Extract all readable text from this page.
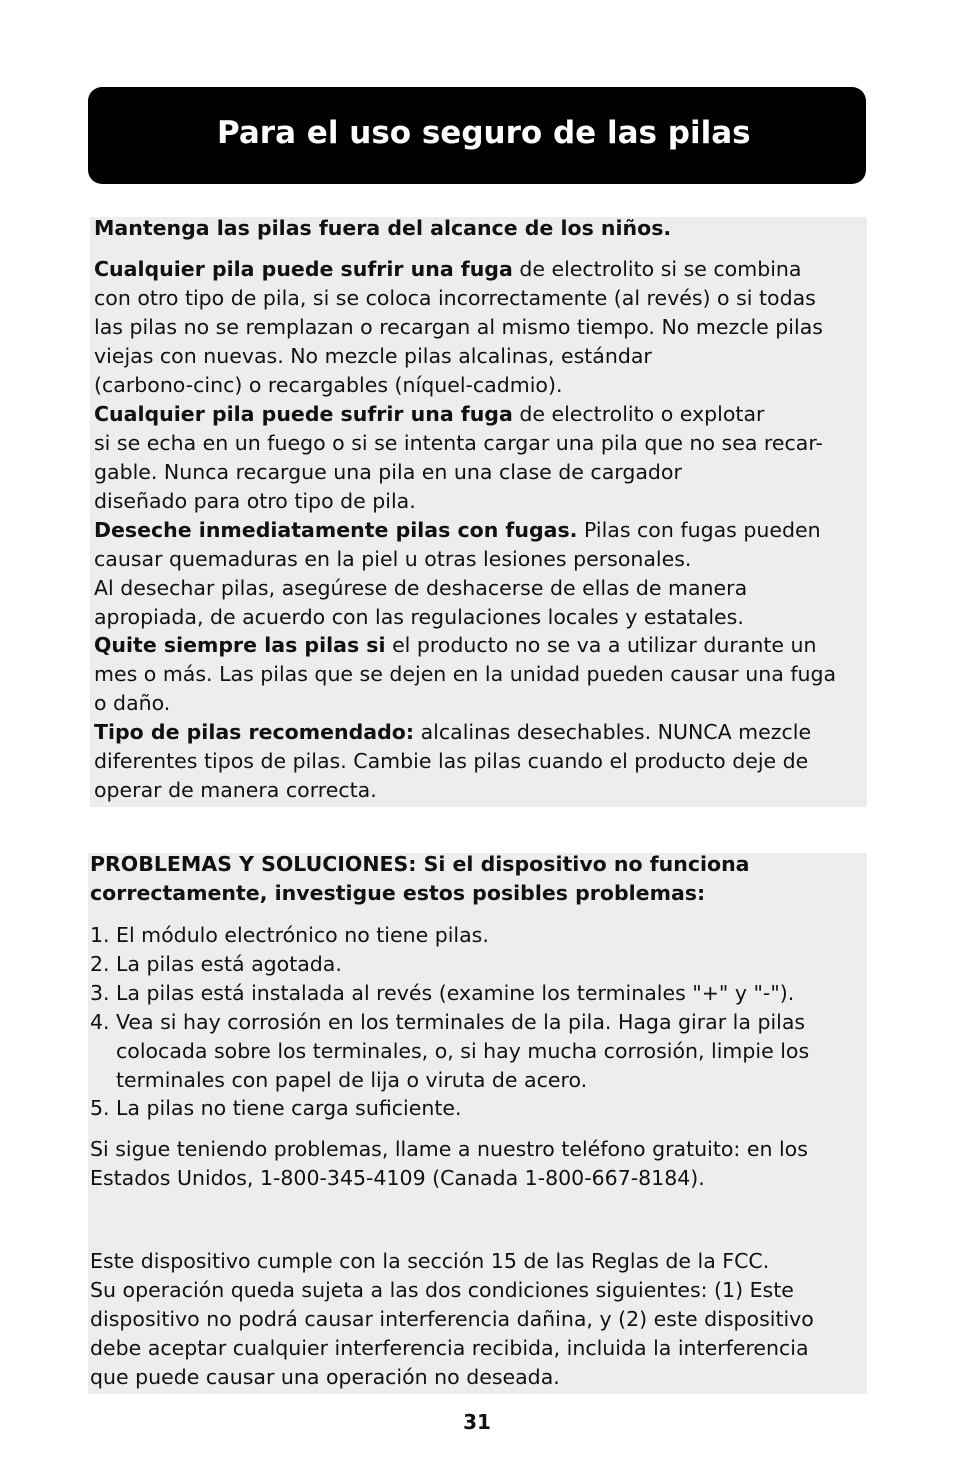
Para el uso seguro de las pilas

Mantenga las pilas fuera del alcance de los niños.

Cualquier pila puede sufrir una fuga de electrolito si se combina
con otro tipo de pila, si se coloca incorrectamente (al revés) o si todas
las pilas no se remplazan o recargan al mismo tiempo. No mezcle pilas
viejas con nuevas. No mezcle pilas alcalinas, estándar
(carbono-cinc) o recargables (níquel-cadmio).

Cualquier pila puede sufrir una fuga de electrolito o explotar
si se echa en un fuego o si se intenta cargar una pila que no sea recar-
gable. Nunca recargue una pila en una clase de cargador
diseñado para otro tipo de pila.

Deseche inmediatamente pilas con fugas. Pilas con fugas pueden
causar quemaduras en la piel u otras lesiones personales.
Al desechar pilas, asegúrese de deshacerse de ellas de manera
apropiada, de acuerdo con las regulaciones locales y estatales.

Quite siempre las pilas si el producto no se va a utilizar durante un
mes o más. Las pilas que se dejen en la unidad pueden causar una fuga
o daño.

Tipo de pilas recomendado: alcalinas desechables. NUNCA mezcle
diferentes tipos de pilas. Cambie las pilas cuando el producto deje de
operar de manera correcta.

PROBLEMAS Y SOLUCIONES: Si el dispositivo no funciona
correctamente, investigue estos posibles problemas:

1. El módulo electrónico no tiene pilas.
2. La pilas está agotada.
3. La pilas está instalada al revés (examine los terminales "+" y "-").
4. Vea si hay corrosión en los terminales de la pila. Haga girar la pilas
colocada sobre los terminales, o, si hay mucha corrosión, limpie los
terminales con papel de lija o viruta de acero.
5. La pilas no tiene carga suficiente.

Si sigue teniendo problemas, llame a nuestro teléfono gratuito: en los
Estados Unidos, 1-800-345-4109 (Canada 1-800-667-8184).

Este dispositivo cumple con la sección 15 de las Reglas de la FCC.
Su operación queda sujeta a las dos condiciones siguientes: (1) Este
dispositivo no podrá causar interferencia dañina, y (2) este dispositivo
debe aceptar cualquier interferencia recibida, incluida la interferencia
que puede causar una operación no deseada.

31
